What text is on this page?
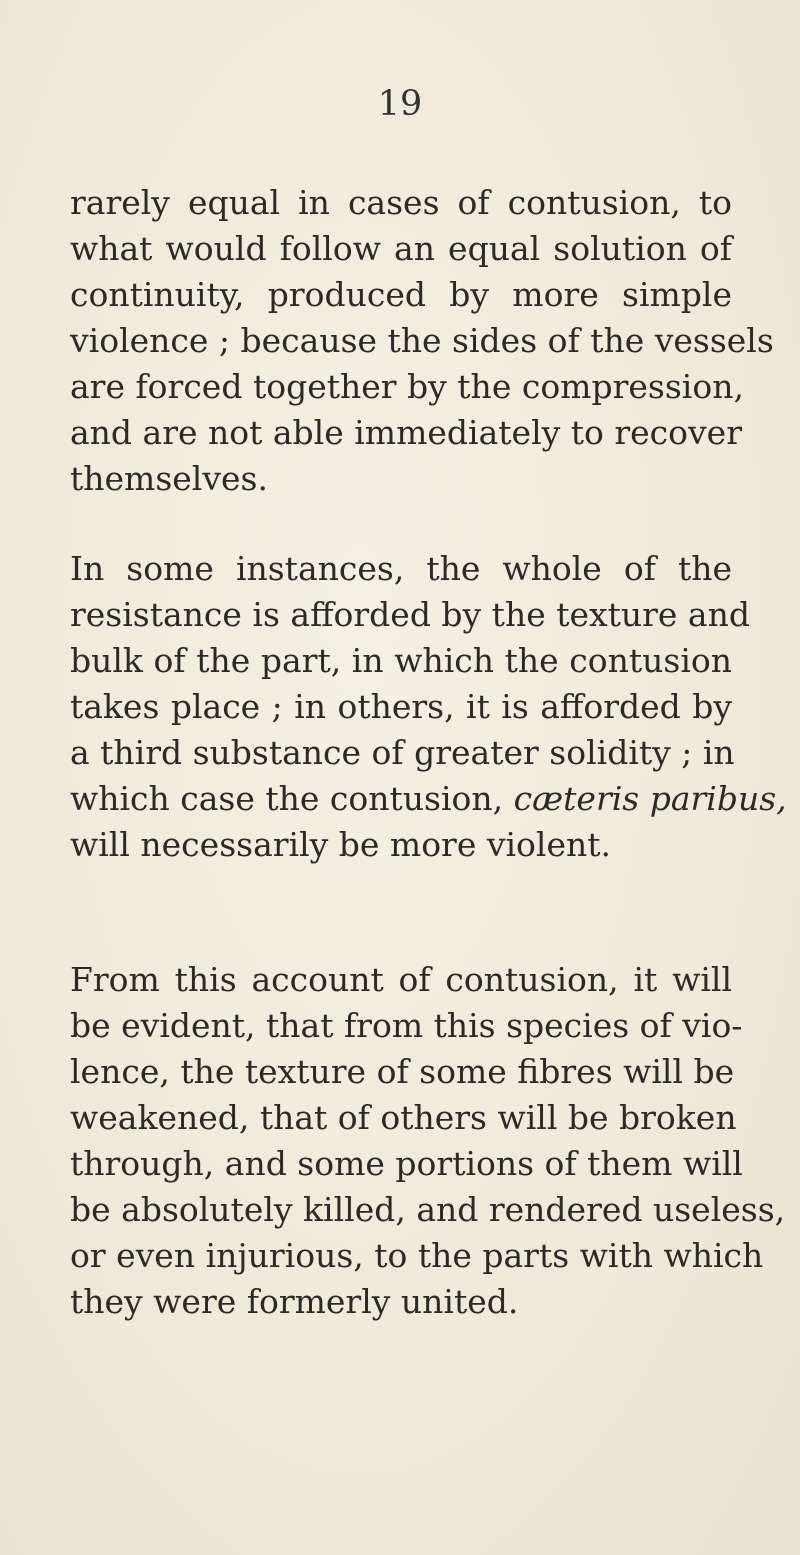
19

rarely equal in cases of contusion, to
what would follow an equal solution of
continuity, produced by more simple
violence ; because the sides of the vessels
are forced together by the compression,
and are not able immediately to recover
themselves.

In some instances, the whole of the
resistance is afforded by the texture and
bulk of the part, in which the contusion
takes place ; in others, it is afforded by
a third substance of greater solidity ; in
which case the contusion, cæteris paribus,
will necessarily be more violent.

From this account of contusion, it will
be evident, that from this species of vio-
lence, the texture of some fibres will be
weakened, that of others will be broken
through, and some portions of them will
be absolutely killed, and rendered useless,
or even injurious, to the parts with which
they were formerly united.
